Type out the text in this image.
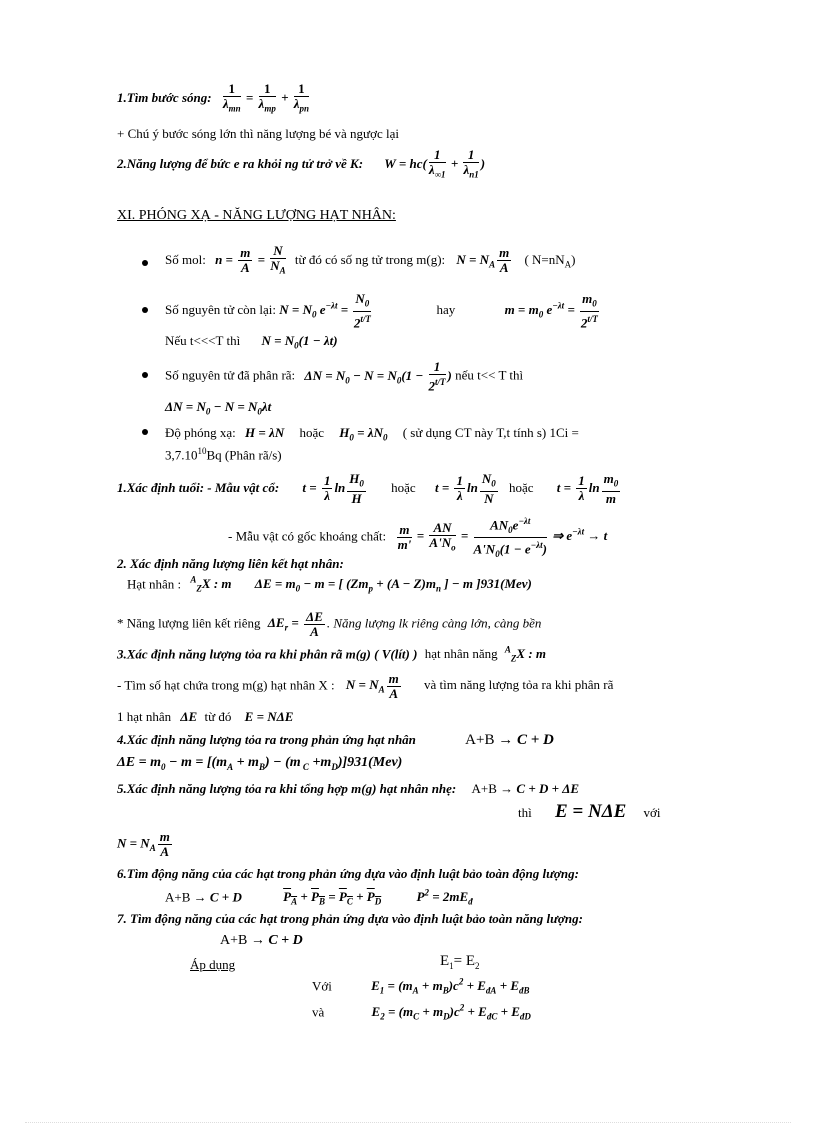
1.Tìm bước sóng: $\frac{1}{\lambda_{mn}} = \frac{1}{\lambda_{mp}} + \frac{1}{\lambda_{pn}}$
+ Chú ý bước sóng lớn thì năng lượng bé và ngược lại
2.Năng lượng để bức e ra khỏi ng tử trở về K: $W = hc( \frac{1}{\lambda_{\infty 1}} + \frac{1}{\lambda_{n1}}$ )
XI. PHÓNG XẠ - NĂNG LƯỢNG HẠT NHÂN:
Số mol: $n = \frac{m}{A} = \frac{N}{N_A}$ từ đó có số ng tử trong m(g): $N = N_A \frac{m}{A}$ ( $N=nN_A$)
Số nguyên tử còn lại: $N = N_0$ $e^{-\lambda t} = \frac{N_0}{2^{t/T}}$	hay	$m = m_0$ $e^{-\lambda t} = \frac{m_0}{2^{t/T}}$
Nếu t<<<T thì $N = N_0(1 - \lambda t)$
Số nguyên tử đã phân rã: $\Delta N = N_0 - N = N_0(1 - \frac{1}{2^{t/T}}$ ) nếu t<< T thì
$\Delta N = N_0 - N = N_0\lambda t$
Độ phóng xạ: H = λN hoặc $H_0 = \lambda N_0$ ( sử dụng CT này T,t tính s) 1Ci =
$3,7.10^{10}Bq$ (Phân rã/s)
1.Xác định tuổi: - Mẫu vật cổ: $t = \frac{1}{\lambda}$ $\ln \frac{H_0}{H}$ hoặc $t = \frac{1}{\lambda}$ $\ln \frac{N_0}{N}$ hoặc $t = \frac{1}{\lambda}$ $\ln \frac{m_0}{m}$
- Mẫu vật có gốc khoáng chất: $\frac{m}{m'} = \frac{AN}{A'N_o} = \frac{AN_0e^{-\lambda t}}{A'N_0(1 - e^{-\lambda t})}$ ⇒ $e^{-\lambda t} \to t$
2. Xác định năng lượng liên kết hạt nhân:
Hạt nhân : $^A_Z$X : m $\Delta E = m_0 - m$ = [ ($Zm_p + (A - Z)m_n$ ] − m ]931(Mev)
* Năng lượng liên kết riêng $\Delta E_r = \frac{\Delta E}{A}$ . Năng lượng lk riêng càng lớn, càng bền
3.Xác định năng lượng tỏa ra khi phân rã m(g) ( V(lít) ) hạt nhân năng $^A_Z$X : m
- Tìm số hạt chứa trong m(g) hạt nhân X : $N = N_A \frac{m}{A}$ và tìm năng lượng tỏa ra khi phân rã
1 hạt nhân ΔE từ đó E = NΔE
4.Xác định năng lượng tỏa ra trong phản ứng hạt nhân	A+B → C + D
$\Delta E = m_0 - m = [(m_A + m_B) - (m$ $_C +m_D)]931(Mev)$
5.Xác định năng lượng tỏa ra khi tổng hợp m(g) hạt nhân nhẹ: A+B → C + D + ΔE
thì E = NΔE với
$N = N_A \frac{m}{A}$
6.Tìm động năng của các hạt trong phản ứng dựa vào định luật bảo toàn động lượng:
A+B → C + D	$P_A + P_B = P_C + P_D$	$P^2 = 2mE_đ$
7. Tìm động năng của các hạt trong phản ứng dựa vào định luật bảo toàn năng lượng:
A+B → C + D
Áp dụng	$E_1= E_2$
Với	$E_1 = (m_A + m_B)c^2 + E_{đA} + E_{đB}$
và	$E_2 = (m_C + m_D)c^2 + E_{đC} + E_{đD}$
